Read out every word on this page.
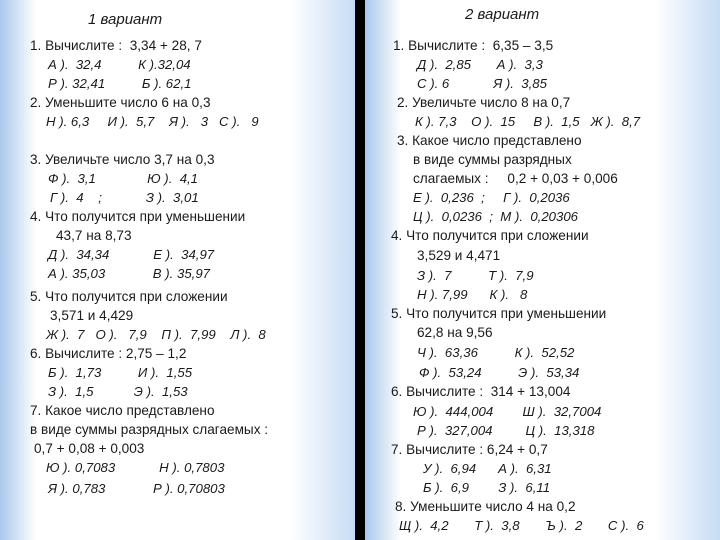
1 вариант
1. Вычислите :  3,34 + 28, 7
А ).  32,4          К ).32,04
Р ). 32,41          Б ). 62,1
2. Уменьшите число 6 на 0,3
Н ). 6,3     И ).  5,7    Я ).   3   С ).   9
3. Увеличьте число 3,7 на 0,3
Ф ).  3,1              Ю ).  4,1
Г ).  4    ;            З ).  3,01
4. Что получится при уменьшении
43,7 на 8,73
Д ).  34,34            Е ).  34,97
А ). 35,03             В ). 35,97
5. Что получится при сложении
3,571 и 4,429
Ж ).  7   О ).   7,9    П ).  7,99    Л ).  8
6. Вычислите : 2,75 – 1,2
Б ).  1,73          И ).  1,55
З ).  1,5           Э ).  1,53
7. Какое число представлено
в виде суммы разрядных слагаемых :
0,7 + 0,08 + 0,003
Ю ). 0,7083            Н ). 0,7803
Я ). 0,783             Р ). 0,70803
2 вариант
1. Вычислите :  6,35 – 3,5
Д ).  2,85       А ).  3,3
С ). 6            Я ).  3,85
2. Увеличьте число 8 на 0,7
К ). 7,3    О ).  15     В ).  1,5   Ж ).  8,7
3. Какое число представлено
в виде суммы разрядных
слагаемых :     0,2 + 0,03 + 0,006
Е ).  0,236  ;     Г ).  0,2036
Ц ).  0,0236  ;  М ).  0,20306
4. Что получится при сложении
3,529 и 4,471
З ).  7          Т ).  7,9
Н ). 7,99      К ).   8
5. Что получится при уменьшении
62,8 на 9,56
Ч ).  63,36          К ).  52,52
Ф ).  53,24          Э ).  53,34
6. Вычислите :  314 + 13,004
Ю ).  444,004        Ш ).  32,7004
Р ).  327,004         Ц ).  13,318
7. Вычислите : 6,24 + 0,7
У ).  6,94      А ).  6,31
Б ).  6,9        З ).  6,11
8. Уменьшите число 4 на 0,2
Щ ).  4,2       Т ).  3,8       Ъ ).  2       С ).  6
